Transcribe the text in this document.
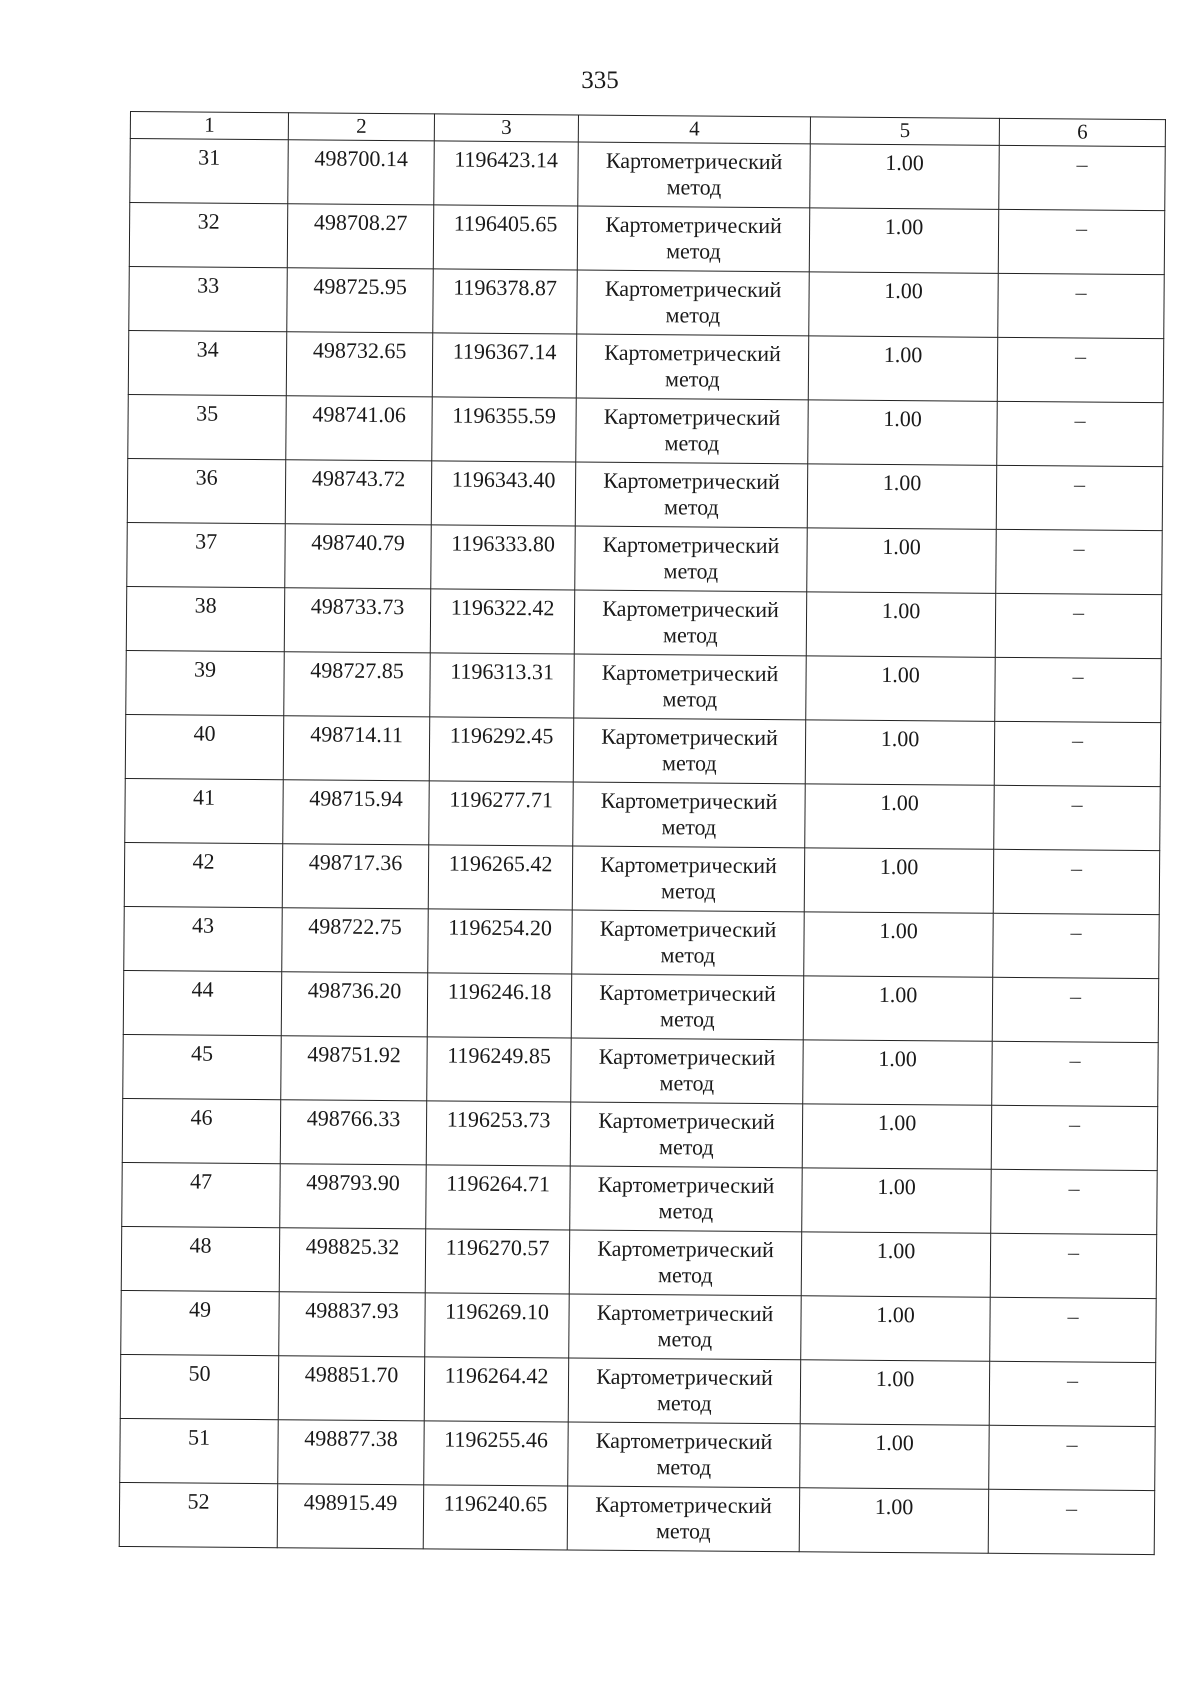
335
1	2	3	4	5	6
31	498700.14	1196423.14	Картометрический метод	1.00	–
32	498708.27	1196405.65	Картометрический метод	1.00	–
33	498725.95	1196378.87	Картометрический метод	1.00	–
34	498732.65	1196367.14	Картометрический метод	1.00	–
35	498741.06	1196355.59	Картометрический метод	1.00	–
36	498743.72	1196343.40	Картометрический метод	1.00	–
37	498740.79	1196333.80	Картометрический метод	1.00	–
38	498733.73	1196322.42	Картометрический метод	1.00	–
39	498727.85	1196313.31	Картометрический метод	1.00	–
40	498714.11	1196292.45	Картометрический метод	1.00	–
41	498715.94	1196277.71	Картометрический метод	1.00	–
42	498717.36	1196265.42	Картометрический метод	1.00	–
43	498722.75	1196254.20	Картометрический метод	1.00	–
44	498736.20	1196246.18	Картометрический метод	1.00	–
45	498751.92	1196249.85	Картометрический метод	1.00	–
46	498766.33	1196253.73	Картометрический метод	1.00	–
47	498793.90	1196264.71	Картометрический метод	1.00	–
48	498825.32	1196270.57	Картометрический метод	1.00	–
49	498837.93	1196269.10	Картометрический метод	1.00	–
50	498851.70	1196264.42	Картометрический метод	1.00	–
51	498877.38	1196255.46	Картометрический метод	1.00	–
52	498915.49	1196240.65	Картометрический метод	1.00	–
